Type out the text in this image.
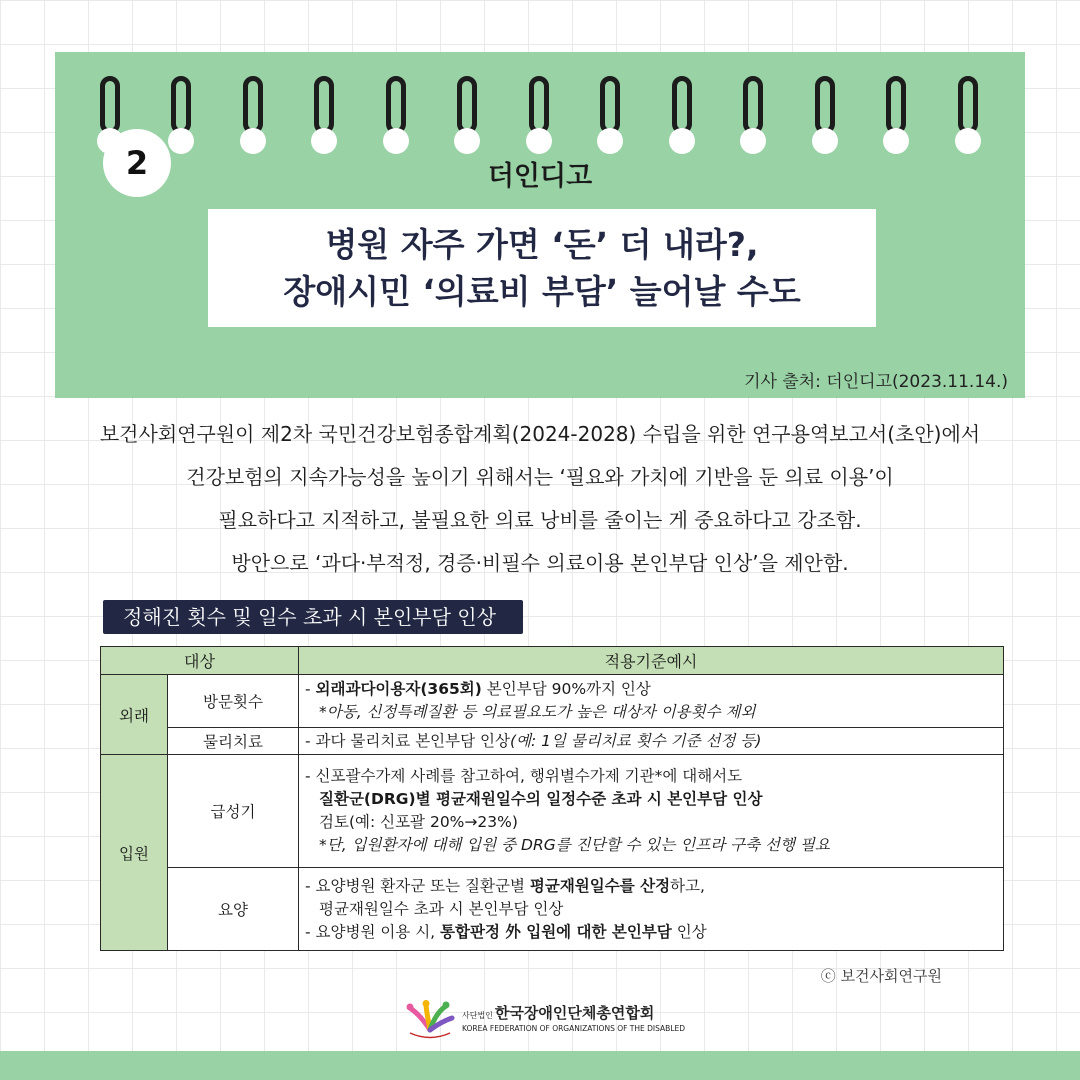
2	더인디고
병원 자주 가면 ‘돈’ 더 내라?,
장애시민 ‘의료비 부담’ 늘어날 수도
기사 출처: 더인디고(2023.11.14.)

보건사회연구원이 제2차 국민건강보험종합계획(2024-2028) 수립을 위한 연구용역보고서(초안)에서

건강보험의 지속가능성을 높이기 위해서는 ‘필요와 가치에 기반을 둔 의료 이용’이

필요하다고 지적하고, 불필요한 의료 낭비를 줄이는 게 중요하다고 강조함.

방안으로 ‘과다·부적정, 경증·비필수 의료이용 본인부담 인상’을 제안함.

정해진 횟수 및 일수 초과 시 본인부담 인상
대상		적용기준예시
외래	방문횟수	- 외래과다이용자(365회) 본인부담 90%까지 인상
*아동, 신정특례질환 등 의료필요도가 높은 대상자 이용횟수 제외

	물리치료	- 과다 물리치료 본인부담 인상(예: 1일 물리치료 횟수 기준 선정 등)

입원	급성기	- 신포괄수가제 사례를 참고하여, 행위별수가제 기관*에 대해서도
질환군(DRG)별 평균재원일수의 일정수준 초과 시 본인부담 인상
검토(예: 신포괄 20%→23%)
*단, 입원환자에 대해 입원 중 DRG를 진단할 수 있는 인프라 구축 선행 필요

	요양	- 요양병원 환자군 또는 질환군별 평균재원일수를 산정하고,
평균재원일수 초과 시 본인부담 인상
- 요양병원 이용 시, 통합판정 外 입원에 대한 본인부담 인상
ⓒ 보건사회연구원
사단법인 한국장애인단체총연합회
KOREA FEDERATION OF ORGANIZATIONS OF THE DISABLED
